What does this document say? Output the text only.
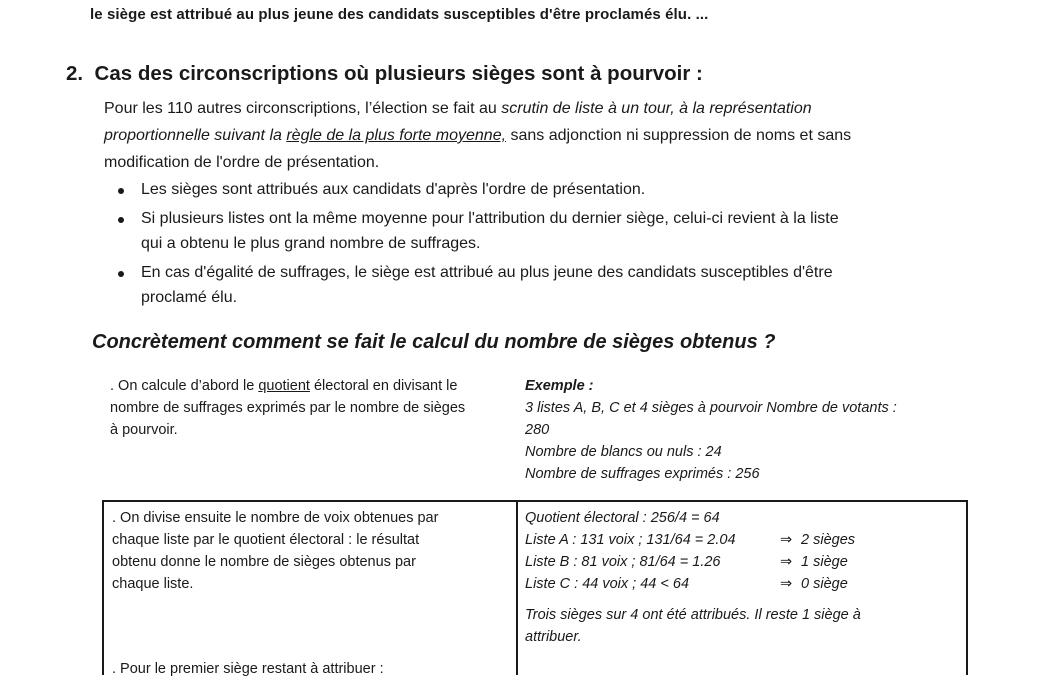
le siège est attribué au plus jeune des candidats susceptibles d'être proclamés élu. ...
2. Cas des circonscriptions où plusieurs sièges sont à pourvoir :
Pour les 110 autres circonscriptions, l’élection se fait au scrutin de liste à un tour, à la représentation
proportionnelle suivant la règle de la plus forte moyenne, sans adjonction ni suppression de noms et sans
modification de l'ordre de présentation.
Les sièges sont attribués aux candidats d'après l'ordre de présentation.
Si plusieurs listes ont la même moyenne pour l'attribution du dernier siège, celui-ci revient à la liste
qui a obtenu le plus grand nombre de suffrages.
En cas d'égalité de suffrages, le siège est attribué au plus jeune des candidats susceptibles d'être
proclamé élu.
Concrètement comment se fait le calcul du nombre de sièges obtenus ?
. On calcule d’abord le quotient électoral en divisant le
nombre de suffrages exprimés par le nombre de sièges
à pourvoir.
Exemple :
3 listes A, B, C et 4 sièges à pourvoir Nombre de votants :
280
Nombre de blancs ou nuls : 24
Nombre de suffrages exprimés : 256
. On divise ensuite le nombre de voix obtenues par
chaque liste par le quotient électoral : le résultat
obtenu donne le nombre de sièges obtenus par
chaque liste.
Quotient électoral : 256/4 = 64
Liste A : 131 voix ; 131/64 = 2.04	⇒ 2 sièges
Liste B : 81 voix ; 81/64 = 1.26	⇒ 1 siège
Liste C : 44 voix ; 44 < 64	⇒ 0 siège
Trois sièges sur 4 ont été attribués. Il reste 1 siège à
attribuer.
. Pour le premier siège restant à attribuer :
